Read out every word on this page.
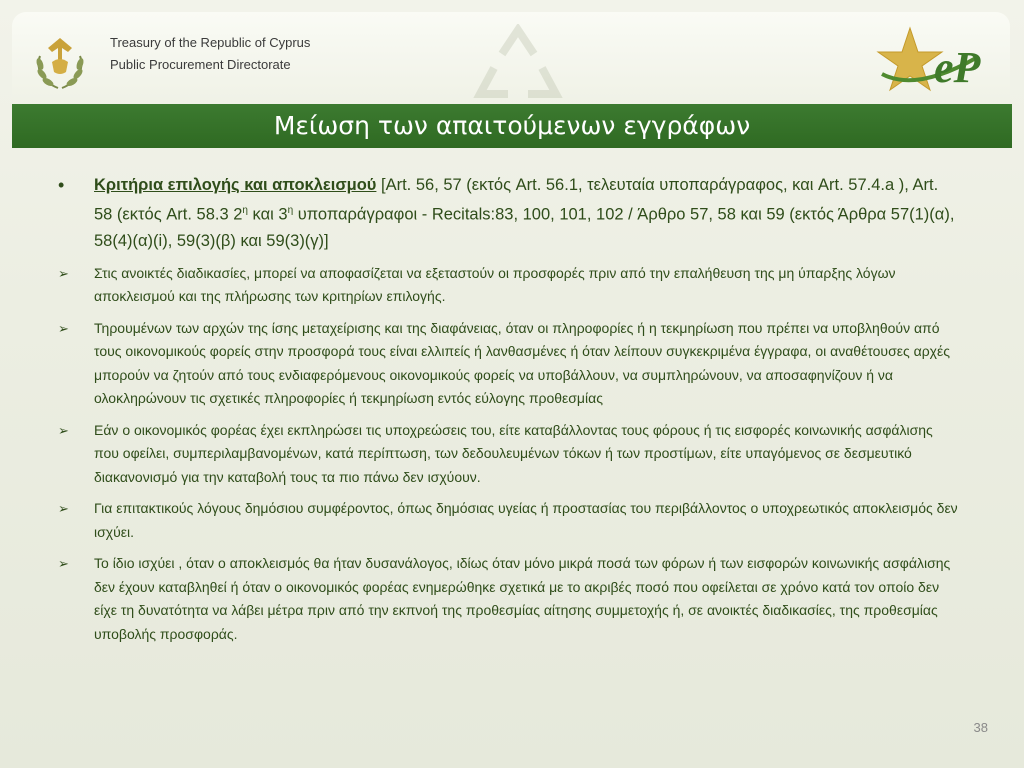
Treasury of the Republic of Cyprus
Public Procurement Directorate	eP
Μείωση των απαιτούμενων εγγράφων
• Κριτήρια επιλογής και αποκλεισμού [Art. 56, 57 (εκτός Art. 56.1, τελευταία υποπαράγραφος, και Art. 57.4.a ), Art. 58 (εκτός Art. 58.3 $2^\eta$ και $3^\eta$ υποπαράγραφοι - Recitals:83, 100, 101, 102 / Άρθρο 57, 58 και 59 (εκτός Άρθρα 57(1)(α), 58(4)(α)(i), 59(3)(β) και 59(3)(γ)]
➢ Στις ανοικτές διαδικασίες, μπορεί να αποφασίζεται να εξεταστούν οι προσφορές πριν από την επαλήθευση της μη ύπαρξης λόγων αποκλεισμού και της πλήρωσης των κριτηρίων επιλογής.
➢ Τηρουμένων των αρχών της ίσης μεταχείρισης και της διαφάνειας, όταν οι πληροφορίες ή η τεκμηρίωση που πρέπει να υποβληθούν από τους οικονομικούς φορείς στην προσφορά τους είναι ελλιπείς ή λανθασμένες ή όταν λείπουν συγκεκριμένα έγγραφα, οι αναθέτουσες αρχές μπορούν να ζητούν από τους ενδιαφερόμενους οικονομικούς φορείς να υποβάλλουν, να συμπληρώνουν, να αποσαφηνίζουν ή να ολοκληρώνουν τις σχετικές πληροφορίες ή τεκμηρίωση εντός εύλογης προθεσμίας
➢ Εάν ο οικονομικός φορέας έχει εκπληρώσει τις υποχρεώσεις του, είτε καταβάλλοντας τους φόρους ή τις εισφορές κοινωνικής ασφάλισης που οφείλει, συμπεριλαμβανομένων, κατά περίπτωση, των δεδουλευμένων τόκων ή των προστίμων, είτε υπαγόμενος σε δεσμευτικό διακανονισμό για την καταβολή τους τα πιο πάνω δεν ισχύουν.
➢ Για επιτακτικούς λόγους δημόσιου συμφέροντος, όπως δημόσιας υγείας ή προστασίας του περιβάλλοντος ο υποχρεωτικός αποκλεισμός δεν ισχύει.
➢ Το ίδιο ισχύει , όταν ο αποκλεισμός θα ήταν δυσανάλογος, ιδίως όταν μόνο μικρά ποσά των φόρων ή των εισφορών κοινωνικής ασφάλισης δεν έχουν καταβληθεί ή όταν ο οικονομικός φορέας ενημερώθηκε σχετικά με το ακριβές ποσό που οφείλεται σε χρόνο κατά τον οποίο δεν είχε τη δυνατότητα να λάβει μέτρα πριν από την εκπνοή της προθεσμίας αίτησης συμμετοχής ή, σε ανοικτές διαδικασίες, της προθεσμίας υποβολής προσφοράς.
38
